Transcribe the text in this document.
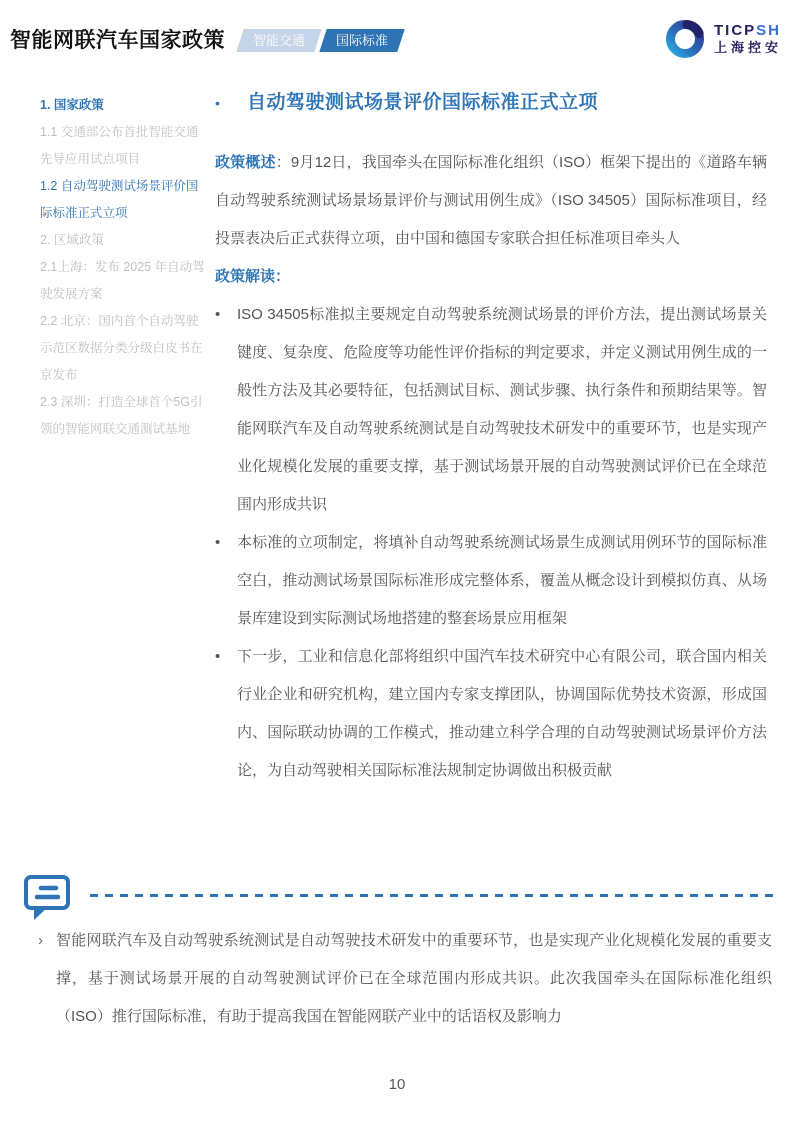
智能网联汽车国家政策	智能交通	国际标准
TICPSH
上海控安
1. 国家政策
1.1 交通部公布首批智能交通先导应用试点项目
1.2 自动驾驶测试场景评价国际标准正式立项
2. 区域政策
2.1上海：发布 2025 年自动驾驶发展方案
2.2 北京：国内首个自动驾驶示范区数据分类分级白皮书在京发布
2.3 深圳：打造全球首个5G引领的智能网联交通测试基地
•	自动驾驶测试场景评价国际标准正式立项

政策概述：9月12日，我国牵头在国际标准化组织（ISO）框架下提出的《道路车辆自动驾驶系统测试场景场景评价与测试用例生成》（ISO 34505）国际标准项目，经投票表决后正式获得立项，由中国和德国专家联合担任标准项目牵头人

政策解读：

•	ISO 34505标准拟主要规定自动驾驶系统测试场景的评价方法，提出测试场景关键度、复杂度、危险度等功能性评价指标的判定要求，并定义测试用例生成的一般性方法及其必要特征，包括测试目标、测试步骤、执行条件和预期结果等。智能网联汽车及自动驾驶系统测试是自动驾驶技术研发中的重要环节，也是实现产业化规模化发展的重要支撑，基于测试场景开展的自动驾驶测试评价已在全球范围内形成共识
•	本标准的立项制定，将填补自动驾驶系统测试场景生成测试用例环节的国际标准空白，推动测试场景国际标准形成完整体系，覆盖从概念设计到模拟仿真、从场景库建设到实际测试场地搭建的整套场景应用框架
•	下一步，工业和信息化部将组织中国汽车技术研究中心有限公司，联合国内相关行业企业和研究机构，建立国内专家支撑团队，协调国际优势技术资源，形成国内、国际联动协调的工作模式，推动建立科学合理的自动驾驶测试场景评价方法论，为自动驾驶相关国际标准法规制定协调做出积极贡献
› 智能网联汽车及自动驾驶系统测试是自动驾驶技术研发中的重要环节，也是实现产业化规模化发展的重要支撑，基于测试场景开展的自动驾驶测试评价已在全球范围内形成共识。此次我国牵头在国际标准化组织（ISO）推行国际标准，有助于提高我国在智能网联产业中的话语权及影响力
10
